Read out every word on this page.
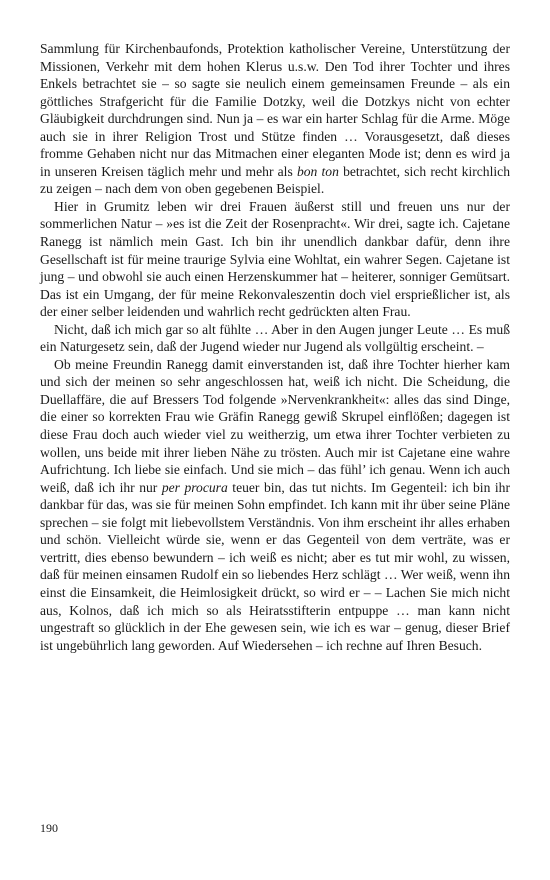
Sammlung für Kirchenbaufonds, Protektion katholischer Vereine, Unterstützung der Missionen, Verkehr mit dem hohen Klerus u.s.w. Den Tod ihrer Tochter und ihres Enkels betrachtet sie – so sagte sie neulich einem gemeinsamen Freunde – als ein göttliches Strafgericht für die Familie Dotzky, weil die Dotzkys nicht von echter Gläubigkeit durchdrungen sind. Nun ja – es war ein harter Schlag für die Arme. Möge auch sie in ihrer Religion Trost und Stütze finden … Vorausgesetzt, daß dieses fromme Gehaben nicht nur das Mitmachen einer eleganten Mode ist; denn es wird ja in unseren Kreisen täglich mehr und mehr als bon ton betrachtet, sich recht kirchlich zu zeigen – nach dem von oben gegebenen Beispiel.

Hier in Grumitz leben wir drei Frauen äußerst still und freuen uns nur der sommerlichen Natur – »es ist die Zeit der Rosenpracht«. Wir drei, sagte ich. Cajetane Ranegg ist nämlich mein Gast. Ich bin ihr unendlich dankbar dafür, denn ihre Gesellschaft ist für meine traurige Sylvia eine Wohltat, ein wahrer Segen. Cajetane ist jung – und obwohl sie auch einen Herzenskummer hat – heiterer, sonniger Gemütsart. Das ist ein Umgang, der für meine Rekonvaleszentin doch viel ersprießlicher ist, als der einer selber leidenden und wahrlich recht gedrückten alten Frau.

Nicht, daß ich mich gar so alt fühlte … Aber in den Augen junger Leute … Es muß ein Naturgesetz sein, daß der Jugend wieder nur Jugend als vollgültig erscheint. –

Ob meine Freundin Ranegg damit einverstanden ist, daß ihre Tochter hierher kam und sich der meinen so sehr angeschlossen hat, weiß ich nicht. Die Scheidung, die Duellaffäre, die auf Bressers Tod folgende »Nervenkrankheit«: alles das sind Dinge, die einer so korrekten Frau wie Gräfin Ranegg gewiß Skrupel einflößen; dagegen ist diese Frau doch auch wieder viel zu weitherzig, um etwa ihrer Tochter verbieten zu wollen, uns beide mit ihrer lieben Nähe zu trösten. Auch mir ist Cajetane eine wahre Aufrichtung. Ich liebe sie einfach. Und sie mich – das fühl’ ich genau. Wenn ich auch weiß, daß ich ihr nur per procura teuer bin, das tut nichts. Im Gegenteil: ich bin ihr dankbar für das, was sie für meinen Sohn empfindet. Ich kann mit ihr über seine Pläne sprechen – sie folgt mit liebevollstem Verständnis. Von ihm erscheint ihr alles erhaben und schön. Vielleicht würde sie, wenn er das Gegenteil von dem verträte, was er vertritt, dies ebenso bewundern – ich weiß es nicht; aber es tut mir wohl, zu wissen, daß für meinen einsamen Rudolf ein so liebendes Herz schlägt … Wer weiß, wenn ihn einst die Einsamkeit, die Heimlosigkeit drückt, so wird er – – Lachen Sie mich nicht aus, Kolnos, daß ich mich so als Heiratsstifterin entpuppe … man kann nicht ungestraft so glücklich in der Ehe gewesen sein, wie ich es war – genug, dieser Brief ist ungebührlich lang geworden. Auf Wiedersehen – ich rechne auf Ihren Besuch.

190
